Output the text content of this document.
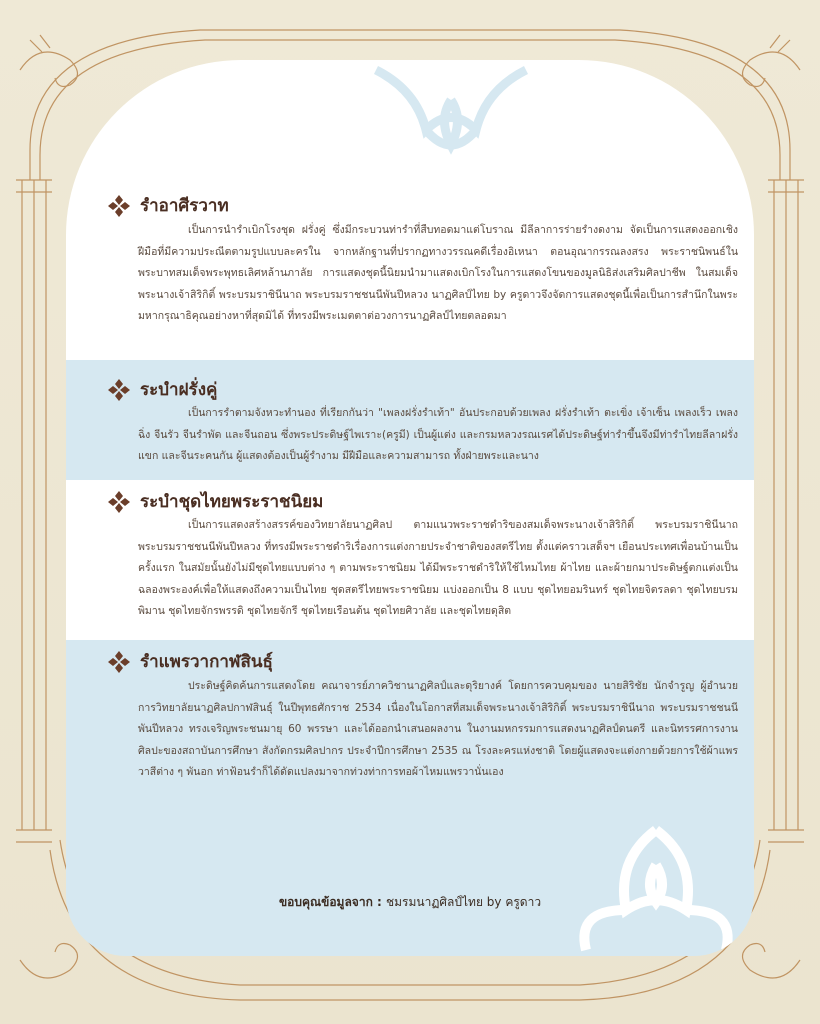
รำอาศีรวาท

เป็นการนำรำเบิกโรงชุด ฝรั่งคู่ ซึ่งมีกระบวนท่ารำที่สืบทอดมาแต่โบราณ มีลีลาการร่ายรำงดงาม จัดเป็นการแสดงออกเชิงฝีมือที่มีความประณีตตามรูปแบบละครใน จากหลักฐานที่ปรากฏทางวรรณคดีเรื่องอิเหนา ตอนอุณากรรณลงสรง พระราชนิพนธ์ในพระบาทสมเด็จพระพุทธเลิศหล้านภาลัย การแสดงชุดนี้นิยมนำมาแสดงเบิกโรงในการแสดงโขนของมูลนิธิส่งเสริมศิลปาชีพ ในสมเด็จพระนางเจ้าสิริกิติ์ พระบรมราชินีนาถ พระบรมราชชนนีพันปีหลวง นาฏศิลป์ไทย by ครูดาวจึงจัดการแสดงชุดนี้เพื่อเป็นการสำนึกในพระมหากรุณาธิคุณอย่างหาที่สุดมิได้ ที่ทรงมีพระเมตตาต่อวงการนาฏศิลป์ไทยตลอดมา

ระบำฝรั่งคู่

เป็นการรำตามจังหวะทำนอง ที่เรียกกันว่า "เพลงฝรั่งรำเท้า" อันประกอบด้วยเพลง ฝรั่งรำเท้า ตะเขิ่ง เจ้าเซ็น เพลงเร็ว เพลงฉิ่ง จีนรัว จีนรำพัด และจีนถอน ซึ่งพระประดิษฐ์ไพเราะ(ครูมี) เป็นผู้แต่ง และกรมหลวงรณเรศได้ประดิษฐ์ท่ารำขึ้นจึงมีท่ารำไทยลีลาฝรั่ง แขก และจีนระคนกัน ผู้แสดงต้องเป็นผู้รำงาม มีฝีมือและความสามารถ ทั้งฝ่ายพระและนาง

ระบำชุดไทยพระราชนิยม

เป็นการแสดงสร้างสรรค์ของวิทยาลัยนาฏศิลป ตามแนวพระราชดำริของสมเด็จพระนางเจ้าสิริกิติ์ พระบรมราชินีนาถ พระบรมราชชนนีพันปีหลวง ที่ทรงมีพระราชดำริเรื่องการแต่งกายประจำชาติของสตรีไทย ตั้งแต่คราวเสด็จฯ เยือนประเทศเพื่อนบ้านเป็นครั้งแรก ในสมัยนั้นยังไม่มีชุดไทยแบบต่าง ๆ ตามพระราชนิยม ได้มีพระราชดำริให้ใช้ไหมไทย ผ้าไทย และผ้ายกมาประดิษฐ์ตกแต่งเป็นฉลองพระองค์เพื่อให้แสดงถึงความเป็นไทย ชุดสตรีไทยพระราชนิยม แบ่งออกเป็น 8 แบบ ชุดไทยอมรินทร์ ชุดไทยจิตรลดา ชุดไทยบรมพิมาน ชุดไทยจักรพรรดิ ชุดไทยจักรี ชุดไทยเรือนต้น ชุดไทยศิวาลัย และชุดไทยดุสิต

รำแพรวากาฬสินธุ์

ประดิษฐ์คิดค้นการแสดงโดย คณาจารย์ภาควิชานาฏศิลป์และดุริยางค์ โดยการควบคุมของ นายสิริชัย นักจำรูญ ผู้อำนวยการวิทยาลัยนาฏศิลปกาฬสินธุ์ ในปีพุทธศักราช 2534 เนื่องในโอกาสที่สมเด็จพระนางเจ้าสิริกิติ์ พระบรมราชินีนาถ พระบรมราชชนนีพันปีหลวง ทรงเจริญพระชนมายุ 60 พรรษา และได้ออกนำเสนอผลงาน ในงานมหกรรมการแสดงนาฏศิลป์ดนตรี และนิทรรศการงานศิลปะของสถาบันการศึกษา สังกัดกรมศิลปากร ประจำปีการศึกษา 2535 ณ โรงละครแห่งชาติ โดยผู้แสดงจะแต่งกายด้วยการใช้ผ้าแพรวาสีต่าง ๆ พันอก ท่าฟ้อนรำก็ได้ดัดแปลงมาจากท่วงท่าการทอผ้าไหมแพรวานั่นเอง

ขอบคุณข้อมูลจาก : ชมรมนาฏศิลป์ไทย by ครูดาว
